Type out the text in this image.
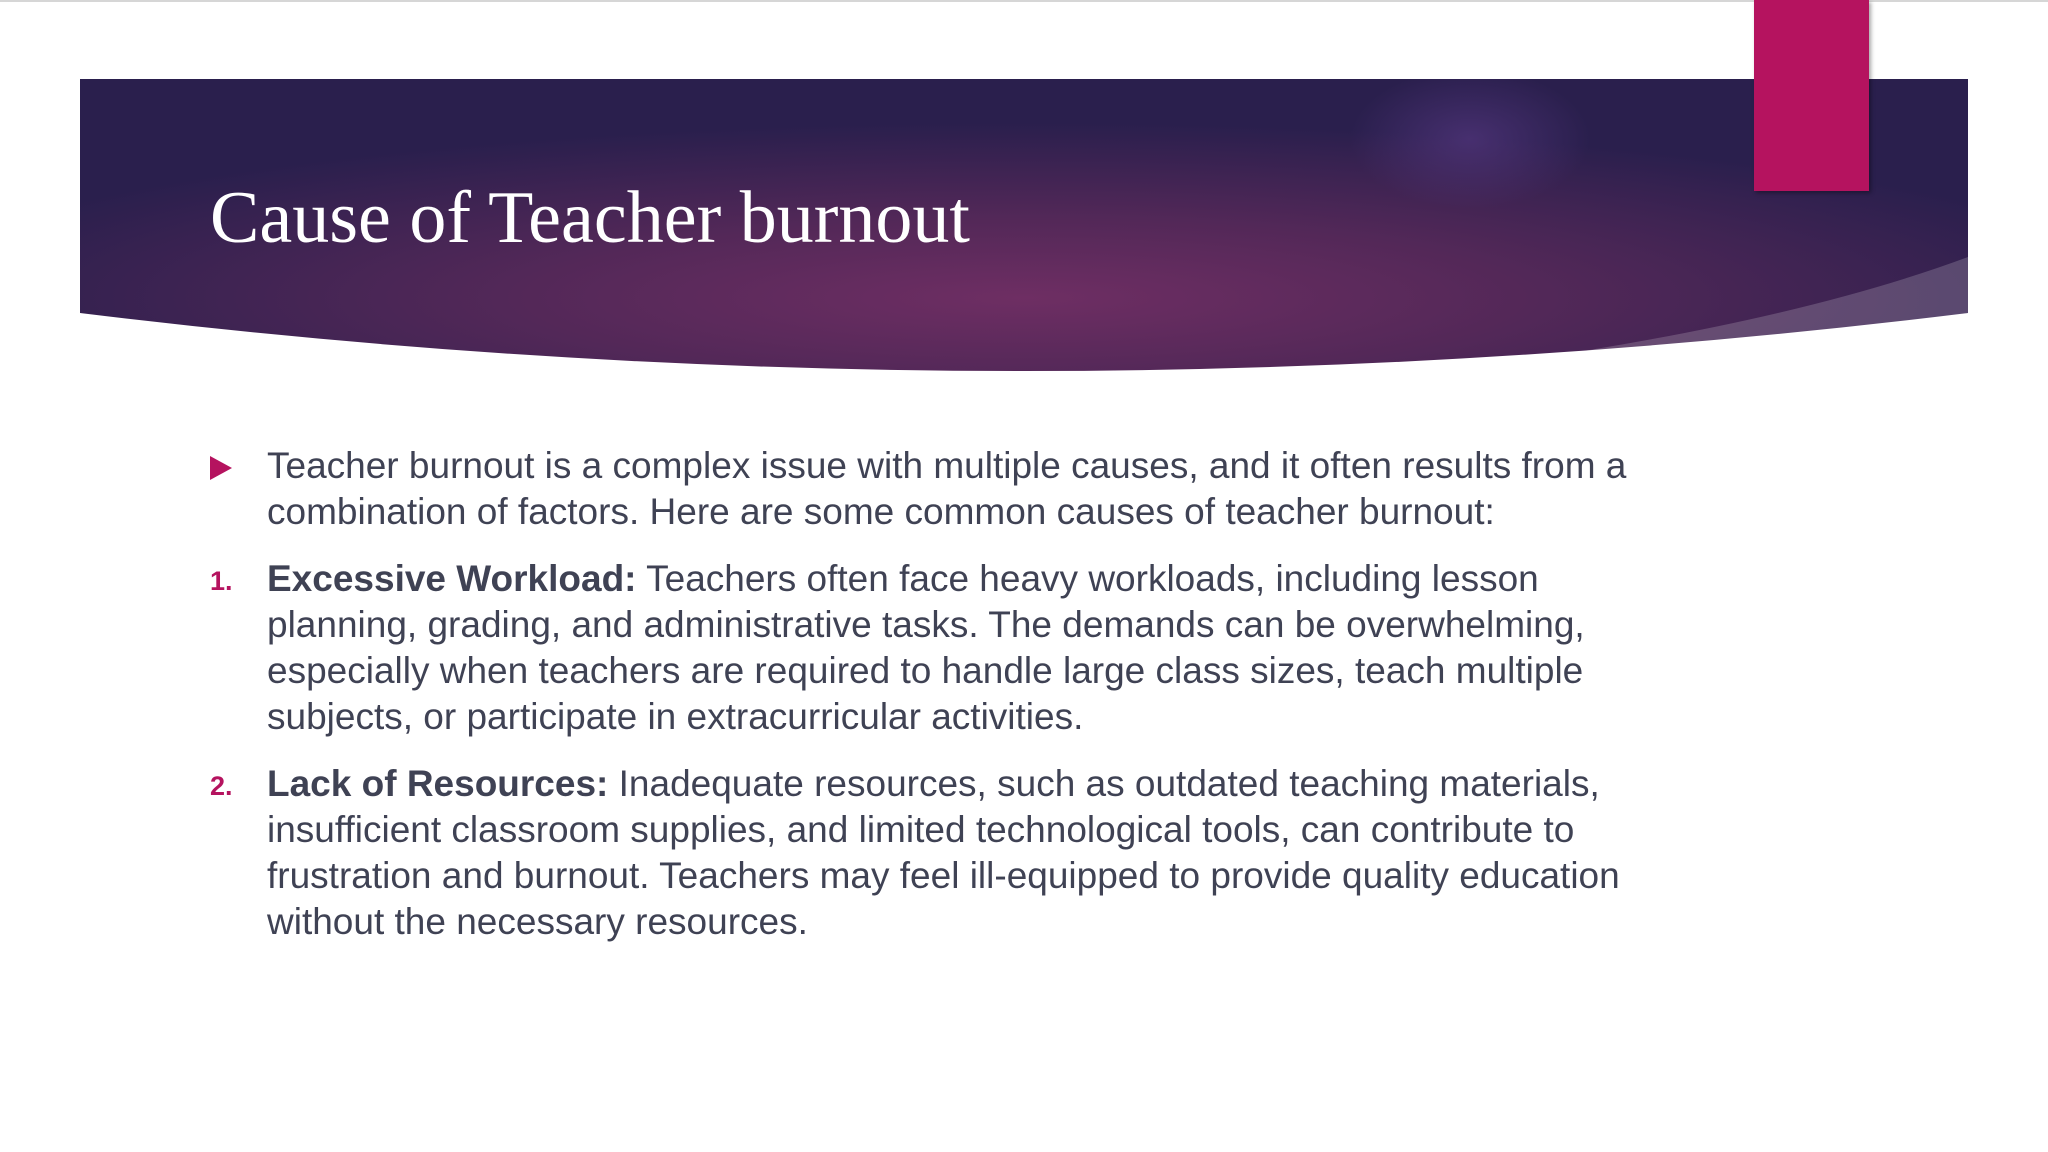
Cause of Teacher burnout
Teacher burnout is a complex issue with multiple causes, and it often results from a combination of factors. Here are some common causes of teacher burnout:
1. Excessive Workload: Teachers often face heavy workloads, including lesson planning, grading, and administrative tasks. The demands can be overwhelming, especially when teachers are required to handle large class sizes, teach multiple subjects, or participate in extracurricular activities.
2. Lack of Resources: Inadequate resources, such as outdated teaching materials, insufficient classroom supplies, and limited technological tools, can contribute to frustration and burnout. Teachers may feel ill-equipped to provide quality education without the necessary resources.
